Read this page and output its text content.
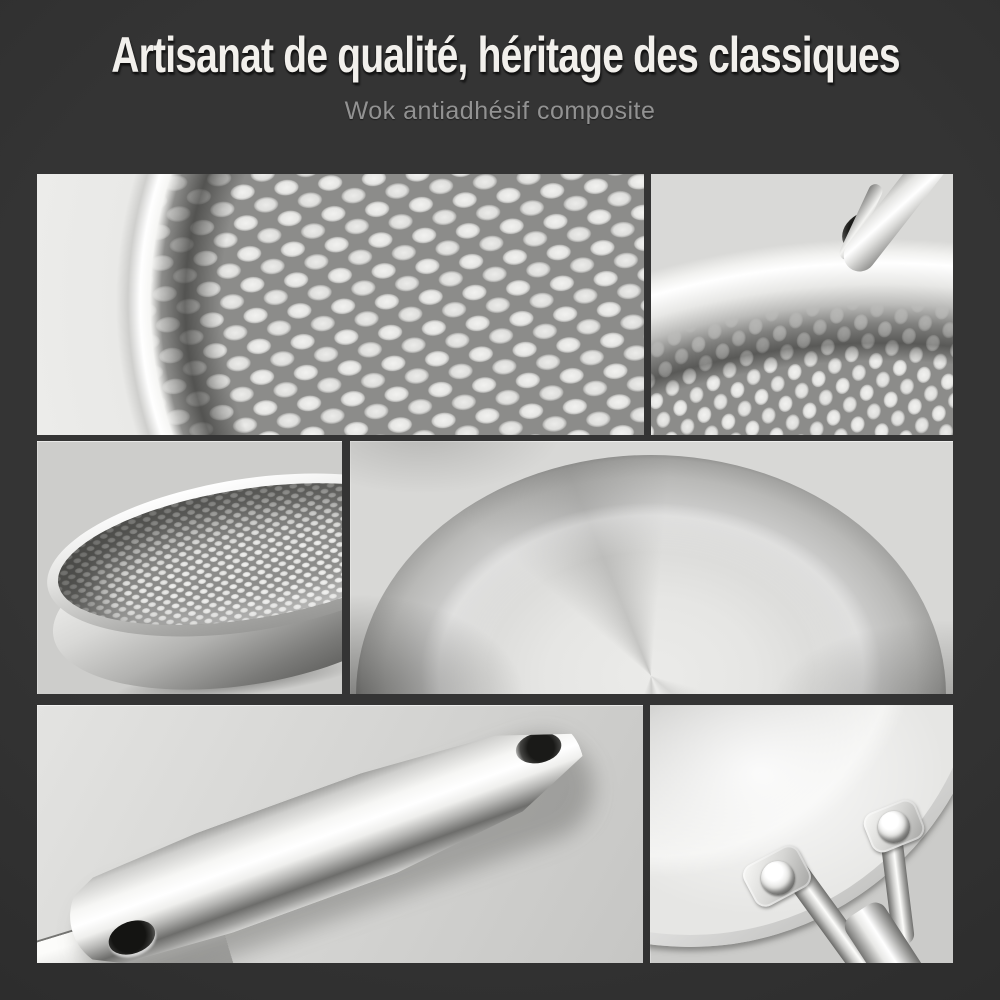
Artisanat de qualité, héritage des classiques

Wok antiadhésif composite
